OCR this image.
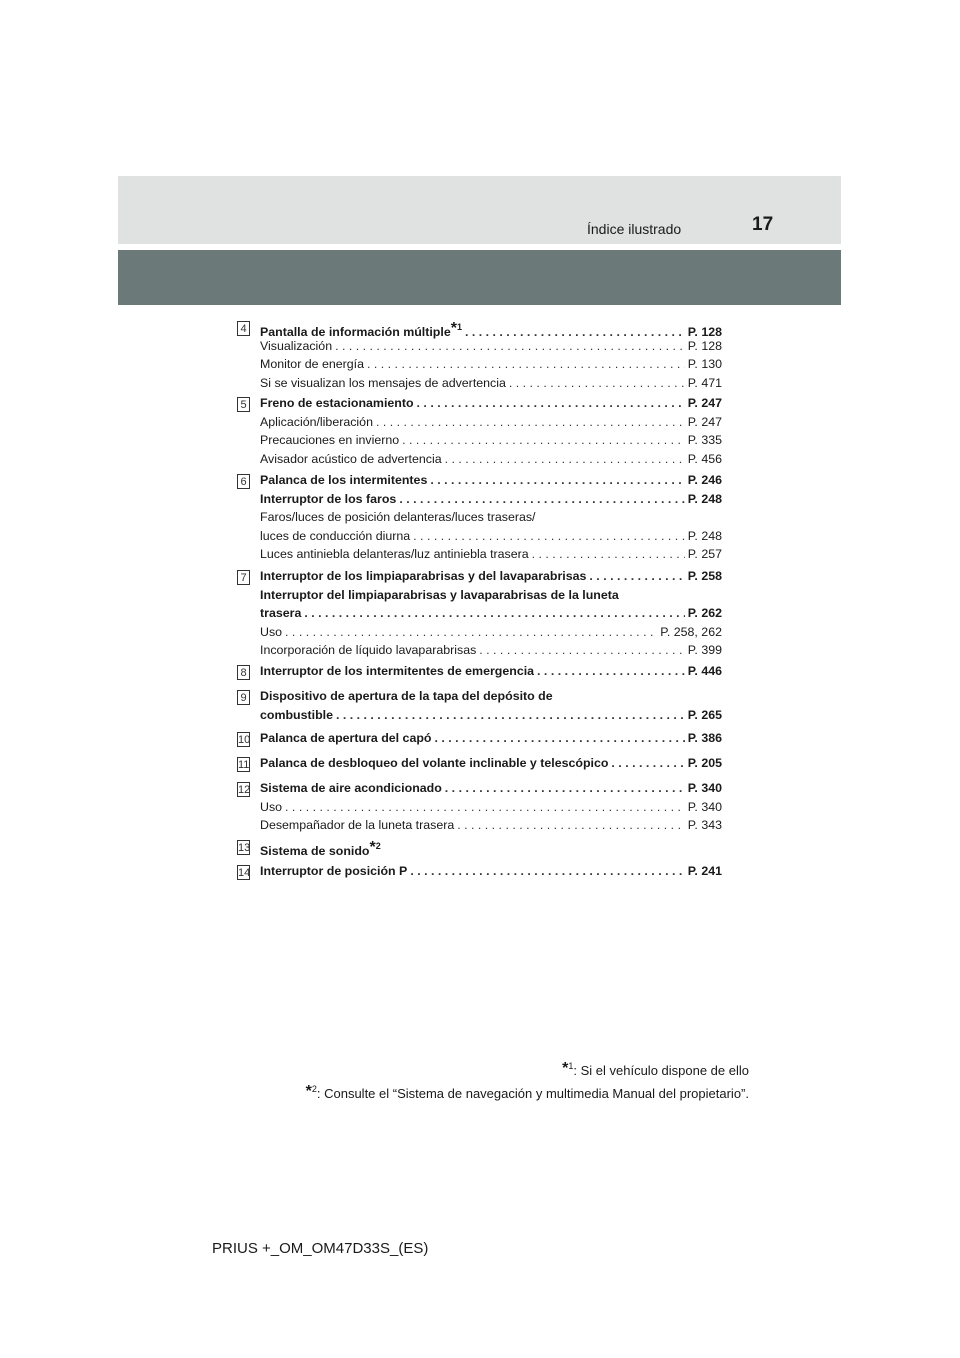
Índice ilustrado	17
4 Pantalla de información múltiple$^{*1}$ . . .	P. 128
Visualización . . .	P. 128
Monitor de energía . . .	P. 130
Si se visualizan los mensajes de advertencia . . .	P. 471
5 Freno de estacionamiento . . .	P. 247
Aplicación/liberación . . .	P. 247
Precauciones en invierno . . .	P. 335
Avisador acústico de advertencia . . .	P. 456
6 Palanca de los intermitentes . . .	P. 246
Interruptor de los faros . . .	P. 248
Faros/luces de posición delanteras/luces traseras/
luces de conducción diurna . . .	P. 248
Luces antiniebla delanteras/luz antiniebla trasera . . .	P. 257
7 Interruptor de los limpiaparabrisas y del lavaparabrisas . . .	P. 258
Interruptor del limpiaparabrisas y lavaparabrisas de la luneta
trasera . . .	P. 262
Uso . . .	P. 258, 262
Incorporación de líquido lavaparabrisas . . .	P. 399
8 Interruptor de los intermitentes de emergencia . . .	P. 446
9 Dispositivo de apertura de la tapa del depósito de
combustible . . .	P. 265
10 Palanca de apertura del capó . . .	P. 386
11 Palanca de desbloqueo del volante inclinable y telescópico . . .	P. 205
12 Sistema de aire acondicionado . . .	P. 340
Uso . . .	P. 340
Desempañador de la luneta trasera . . .	P. 343
13 Sistema de sonido$^{*2}$
14 Interruptor de posición P . . .	P. 241
*$^1$: Si el vehículo dispone de ello
*$^2$: Consulte el “Sistema de navegación y multimedia Manual del propietario”.
PRIUS +_OM_OM47D33S_(ES)
